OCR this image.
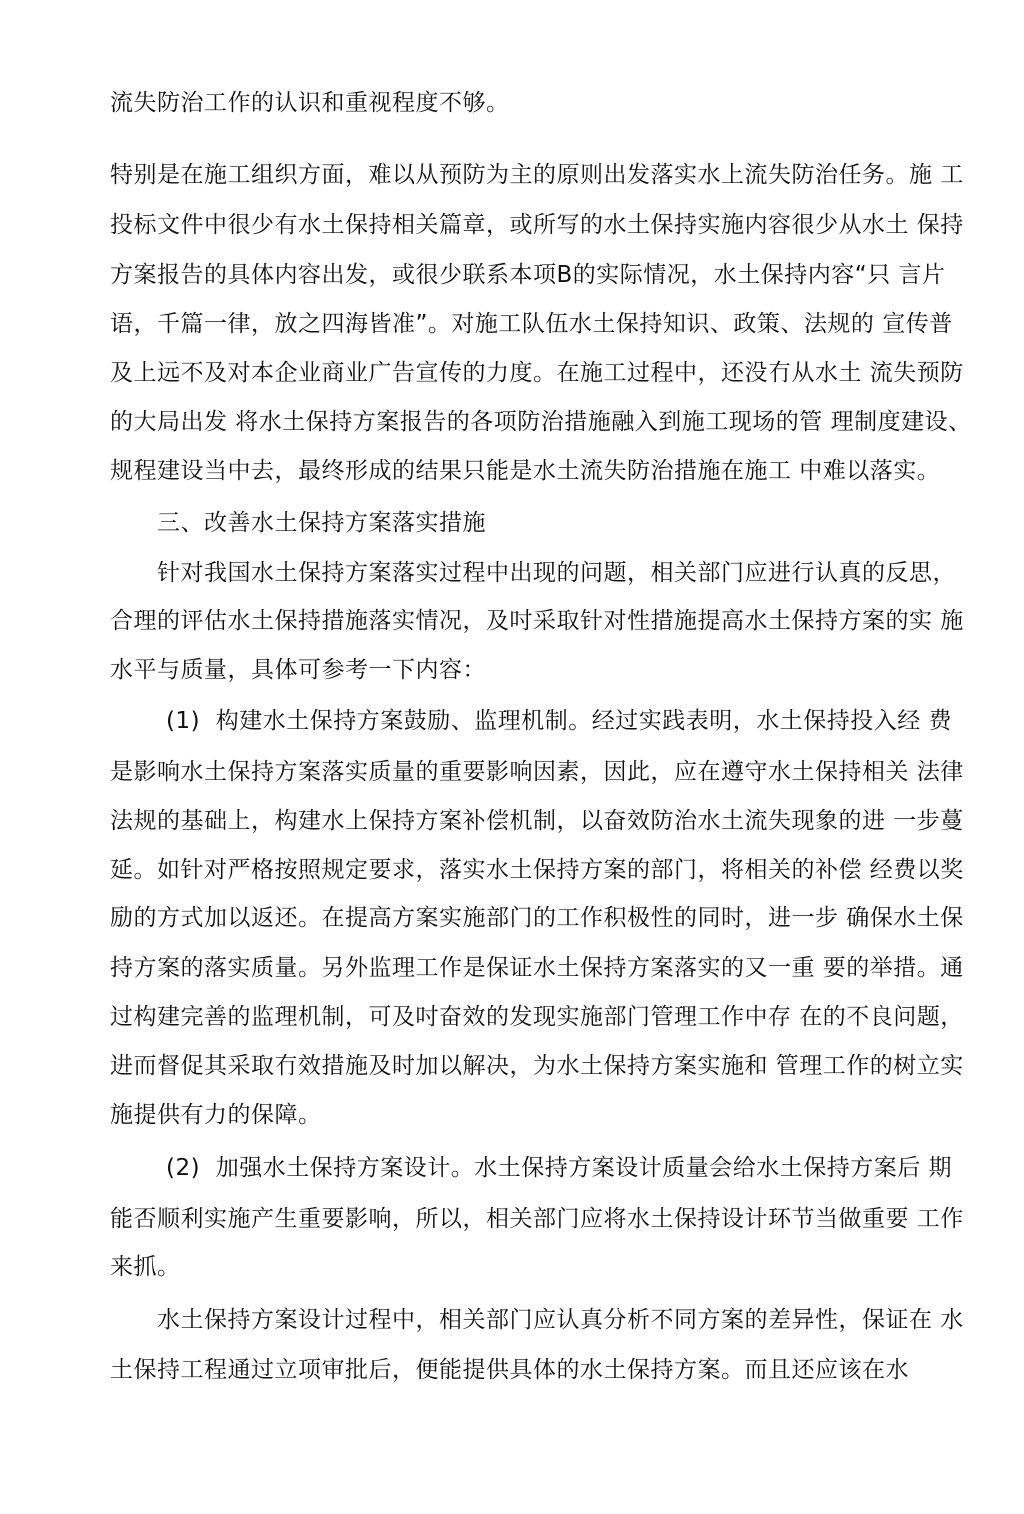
流失防治工作的认识和重视程度不够。
特别是在施工组织方面，难以从预防为主的原则出发落实水上流失防治任务。施 工
投标文件中很少有水土保持相关篇章，或所写的水土保持实施内容很少从水土 保持
方案报告的具体内容出发，或很少联系本项B的实际情况，水土保持内容“只 言片
语，千篇一律，放之四海皆准”。对施工队伍水土保持知识、政策、法规的 宣传普
及上远不及对本企业商业广告宣传的力度。在施工过程中，还没冇从水土 流失预防
的大局出发 将水土保持方案报告的各项防治措施融入到施工现场的管 理制度建设、
规程建设当中去，最终形成的结果只能是水土流失防治措施在施工 中难以落实。
三、改善水土保持方案落实措施
针对我国水土保持方案落实过程中出现的问题，相关部门应进行认真的反思，
合理的评估水土保持措施落实情况，及吋采取针对性措施提高水土保持方案的实 施
水平与质量，具体可参考一下内容：
(1)  构建水土保持方案鼓励、监理机制。经过实践表明，水土保持投入经 费
是影响水土保持方案落实质量的重要影响因素，因此，应在遵守水土保持相关 法律
法规的基础上，构建水上保持方案补偿机制，以奋效防治水土流失现象的进 一步蔓
延。如针对严格按照规定要求，落实水土保持方案的部门，将相关的补偿 经费以奖
励的方式加以返还。在提高方案实施部门的工作积极性的同时，进一步 确保水土保
持方案的落实质量。另外监理工作是保证水土保持方案落实的又一重 要的举措。通
过构建完善的监理机制，可及吋奋效的发现实施部门管理工作中存 在的不良问题，
进而督促其采取冇效措施及时加以解决，为水土保持方案实施和 管理工作的树立实
施提供有力的保障。
(2)  加强水土保持方案设计。水土保持方案设计质量会给水土保持方案后 期
能否顺利实施产生重要影响，所以，相关部门应将水土保持设计环节当做重要 工作
来抓。
水土保持方案设计过程中，相关部门应认真分析不同方案的差异性，保证在 水
土保持工程通过立项审批后，便能提供具体的水土保持方案。而且还应该在水
